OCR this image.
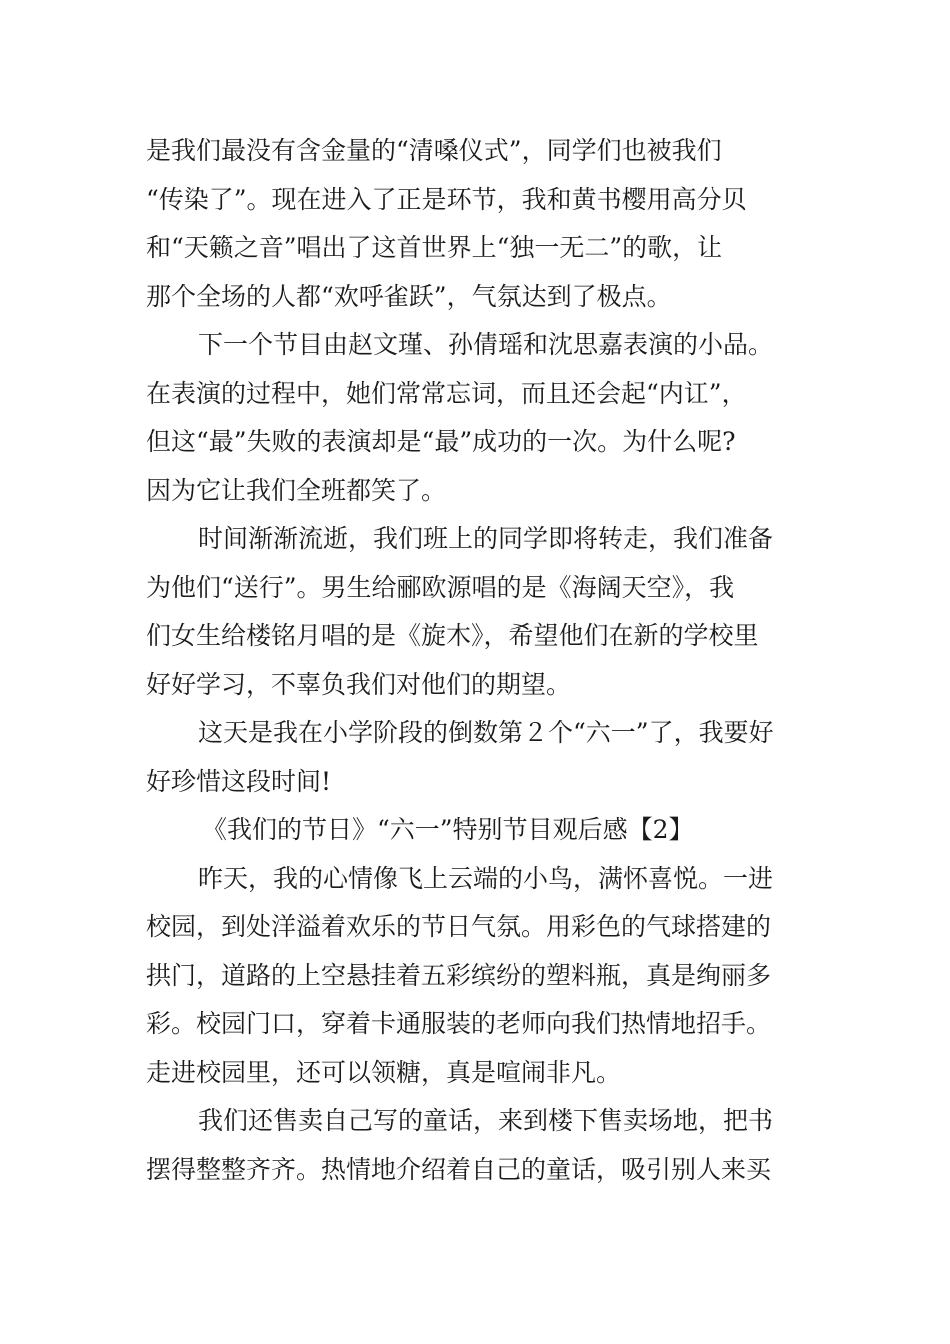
是我们最没有含金量的“清嗓仪式”，同学们也被我们
“传染了”。现在进入了正是环节，我和黄书樱用高分贝
和“天籁之音”唱出了这首世界上“独一无二”的歌，让
那个全场的人都“欢呼雀跃”，气氛达到了极点。

下一个节目由赵文瑾、孙倩瑶和沈思嘉表演的小品。
在表演的过程中，她们常常忘词，而且还会起“内讧”，
但这“最”失败的表演却是“最”成功的一次。为什么呢?
因为它让我们全班都笑了。

时间渐渐流逝，我们班上的同学即将转走，我们准备
为他们“送行”。男生给郦欧源唱的是《海阔天空》，我
们女生给楼铭月唱的是《旋木》，希望他们在新的学校里
好好学习，不辜负我们对他们的期望。

这天是我在小学阶段的倒数第２个“六一”了，我要好
好珍惜这段时间!

《我们的节日》“六一”特别节目观后感【2】

昨天，我的心情像飞上云端的小鸟，满怀喜悦。一进
校园，到处洋溢着欢乐的节日气氛。用彩色的气球搭建的
拱门，道路的上空悬挂着五彩缤纷的塑料瓶，真是绚丽多
彩。校园门口，穿着卡通服装的老师向我们热情地招手。
走进校园里，还可以领糖，真是喧闹非凡。

我们还售卖自己写的童话，来到楼下售卖场地，把书
摆得整整齐齐。热情地介绍着自己的童话，吸引别人来买
